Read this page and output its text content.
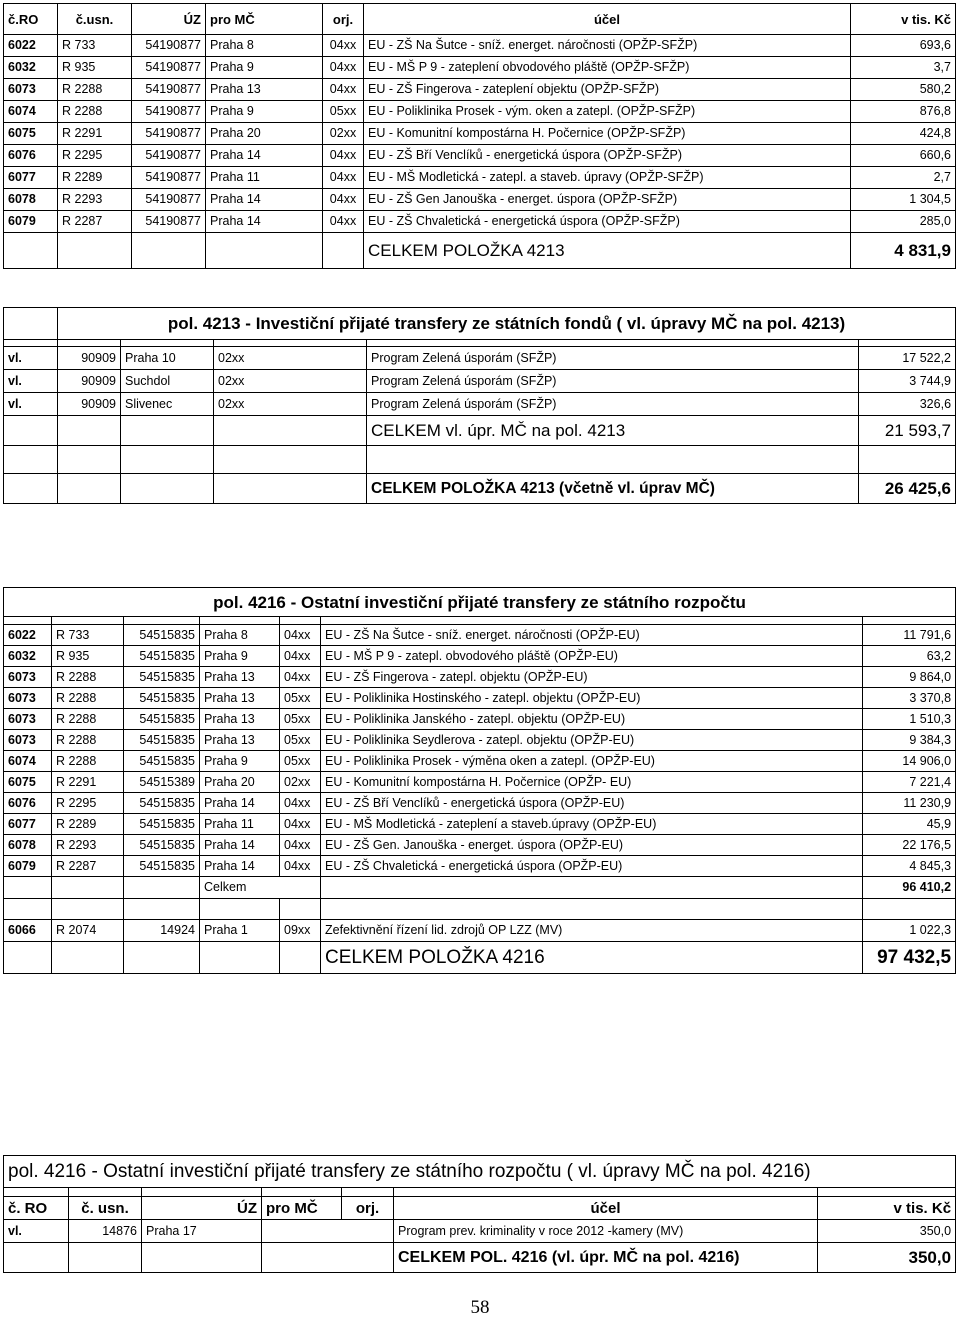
č.RO	č.usn.	ÚZ	pro MČ	orj.	účel	v tis. Kč
6022	R 733	54190877	Praha 8	04xx	EU - ZŠ Na Šutce - sníž. energet. náročnosti (OPŽP-SFŽP)	693,6
6032	R 935	54190877	Praha 9	04xx	EU - MŠ P 9 - zateplení obvodového pláště (OPŽP-SFŽP)	3,7
6073	R 2288	54190877	Praha 13	04xx	EU - ZŠ Fingerova - zateplení objektu (OPŽP-SFŽP)	580,2
6074	R 2288	54190877	Praha 9	05xx	EU - Poliklinika Prosek - vým. oken a zatepl. (OPŽP-SFŽP)	876,8
6075	R 2291	54190877	Praha 20	02xx	EU - Komunitní kompostárna H. Počernice (OPŽP-SFŽP)	424,8
6076	R 2295	54190877	Praha 14	04xx	EU - ZŠ Bří Venclíků - energetická úspora (OPŽP-SFŽP)	660,6
6077	R 2289	54190877	Praha 11	04xx	EU - MŠ Modletická - zatepl. a staveb. úpravy (OPŽP-SFŽP)	2,7
6078	R 2293	54190877	Praha 14	04xx	EU - ZŠ Gen Janouška - energet. úspora (OPŽP-SFŽP)	1 304,5
6079	R 2287	54190877	Praha 14	04xx	EU - ZŠ Chvaletická - energetická úspora (OPŽP-SFŽP)	285,0
					CELKEM POLOŽKA 4213	4 831,9
	pol. 4213 - Investiční přijaté transfery ze státních fondů ( vl. úpravy MČ na pol. 4213)				

vl.	90909	Praha 10	02xx	Program Zelená úsporám (SFŽP)	17 522,2
vl.	90909	Suchdol	02xx	Program Zelená úsporám (SFŽP)	3 744,9
vl.	90909	Slivenec	02xx	Program Zelená úsporám (SFŽP)	326,6
				CELKEM vl. úpr. MČ na pol. 4213	21 593,7

				CELKEM POLOŽKA 4213 (včetně vl. úprav MČ)	26 425,6
pol. 4216 - Ostatní investiční přijaté transfery ze státního rozpočtu						

6022	R 733	54515835	Praha 8	04xx	EU - ZŠ Na Šutce - sníž. energet. náročnosti (OPŽP-EU)	11 791,6
6032	R 935	54515835	Praha 9	04xx	EU - MŠ P 9 - zatepl. obvodového pláště (OPŽP-EU)	63,2
6073	R 2288	54515835	Praha 13	04xx	EU - ZŠ Fingerova - zatepl. objektu (OPŽP-EU)	9 864,0
6073	R 2288	54515835	Praha 13	05xx	EU - Poliklinika Hostinského - zatepl. objektu (OPŽP-EU)	3 370,8
6073	R 2288	54515835	Praha 13	05xx	EU - Poliklinika Janského - zatepl. objektu (OPŽP-EU)	1 510,3
6073	R 2288	54515835	Praha 13	05xx	EU - Poliklinika Seydlerova - zatepl. objektu (OPŽP-EU)	9 384,3
6074	R 2288	54515835	Praha 9	05xx	EU - Poliklinika Prosek - výměna oken a zatepl. (OPŽP-EU)	14 906,0
6075	R 2291	54515389	Praha 20	02xx	EU - Komunitní kompostárna H. Počernice (OPŽP- EU)	7 221,4
6076	R 2295	54515835	Praha 14	04xx	EU - ZŠ Bří Venclíků - energetická úspora (OPŽP-EU)	11 230,9
6077	R 2289	54515835	Praha 11	04xx	EU - MŠ Modletická - zateplení a staveb.úpravy (OPŽP-EU)	45,9
6078	R 2293	54515835	Praha 14	04xx	EU - ZŠ Gen. Janouška - energet. úspora (OPŽP-EU)	22 176,5
6079	R 2287	54515835	Praha 14	04xx	EU - ZŠ Chvaletická - energetická úspora (OPŽP-EU)	4 845,3
			Celkem			96 410,2

6066	R 2074	14924	Praha 1	09xx	Zefektivnění řízení lid. zdrojů OP LZZ (MV)	1 022,3
					CELKEM POLOŽKA 4216	97 432,5
pol. 4216 - Ostatní investiční přijaté transfery ze státního rozpočtu ( vl. úpravy MČ na pol. 4216)						

č. RO	č. usn.	ÚZ	pro MČ	orj.	účel	v tis. Kč
vl.	14876	Praha 17			Program prev. kriminality v roce 2012 -kamery (MV)	350,0
					CELKEM POL. 4216 (vl. úpr. MČ na pol. 4216)	350,0
58
